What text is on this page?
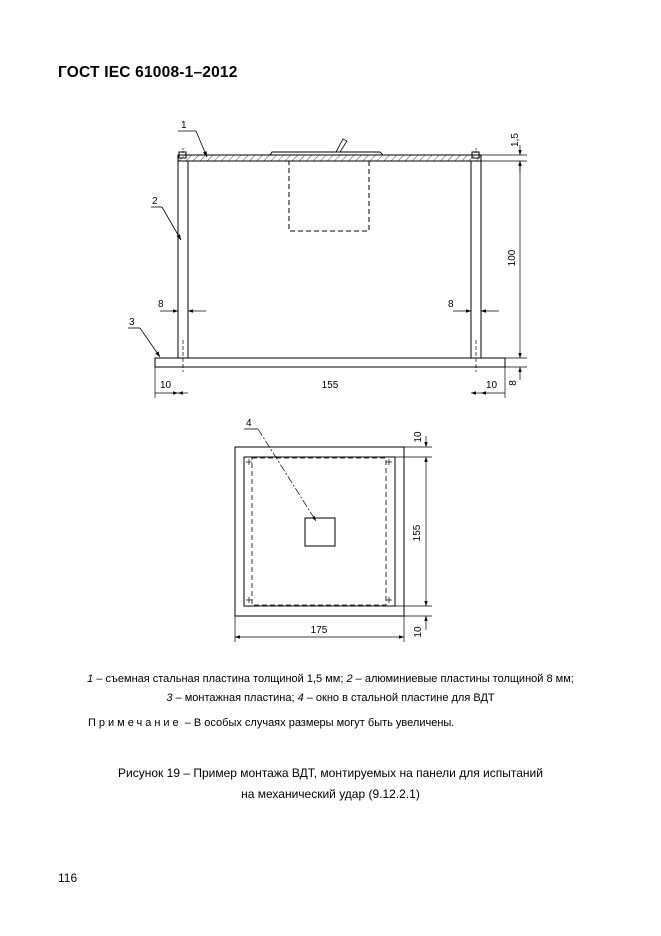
ГОСТ IEC 61008-1–2012
1
2
3
1,5
100
8
8	8
10	155	10
4
10
155
10
175
1 – съемная стальная пластина толщиной 1,5 мм; 2 – алюминиевые пластины толщиной 8 мм;
3 – монтажная пластина; 4 – окно в стальной пластине для ВДТ
Примечание – В особых случаях размеры могут быть увеличены.
Рисунок 19 – Пример монтажа ВДТ, монтируемых на панели для испытаний
на механический удар (9.12.2.1)
116
